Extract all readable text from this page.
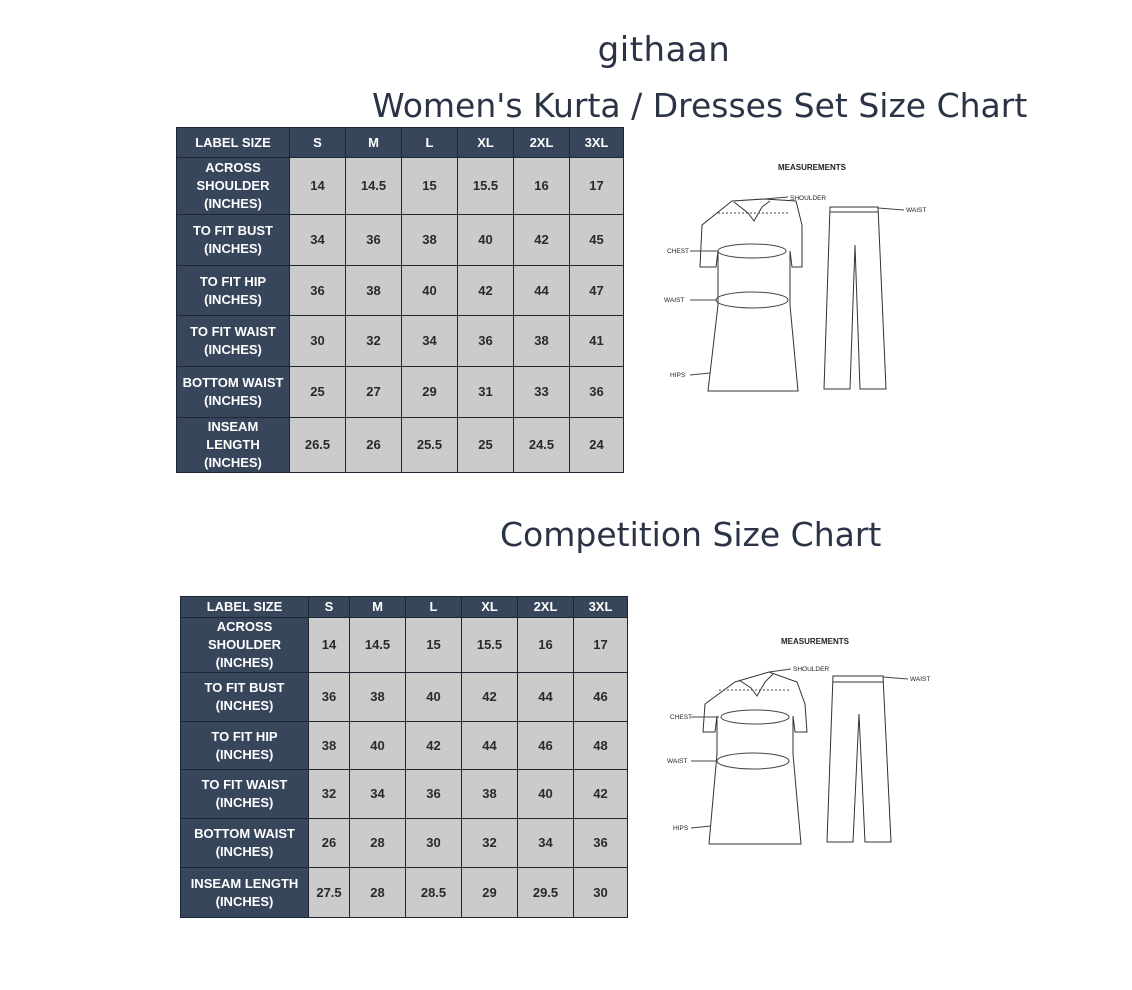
githaan
Women's Kurta / Dresses Set Size Chart
LABEL SIZE	S	M	L	XL	2XL	3XL
ACROSS SHOULDER (INCHES)	14	14.5	15	15.5	16	17
TO FIT BUST (INCHES)	34	36	38	40	42	45
TO FIT HIP (INCHES)	36	38	40	42	44	47
TO FIT WAIST (INCHES)	30	32	34	36	38	41
BOTTOM WAIST (INCHES)	25	27	29	31	33	36
INSEAM LENGTH (INCHES)	26.5	26	25.5	25	24.5	24
MEASUREMENTS
SHOULDER
CHEST
WAIST
HIPS
WAIST
Competition Size Chart
LABEL SIZE	S	M	L	XL	2XL	3XL
ACROSS SHOULDER (INCHES)	14	14.5	15	15.5	16	17
TO FIT BUST (INCHES)	36	38	40	42	44	46
TO FIT HIP (INCHES)	38	40	42	44	46	48
TO FIT WAIST (INCHES)	32	34	36	38	40	42
BOTTOM WAIST (INCHES)	26	28	30	32	34	36
INSEAM LENGTH (INCHES)	27.5	28	28.5	29	29.5	30
MEASUREMENTS
SHOULDER
CHEST
WAIST
HIPS
WAIST
